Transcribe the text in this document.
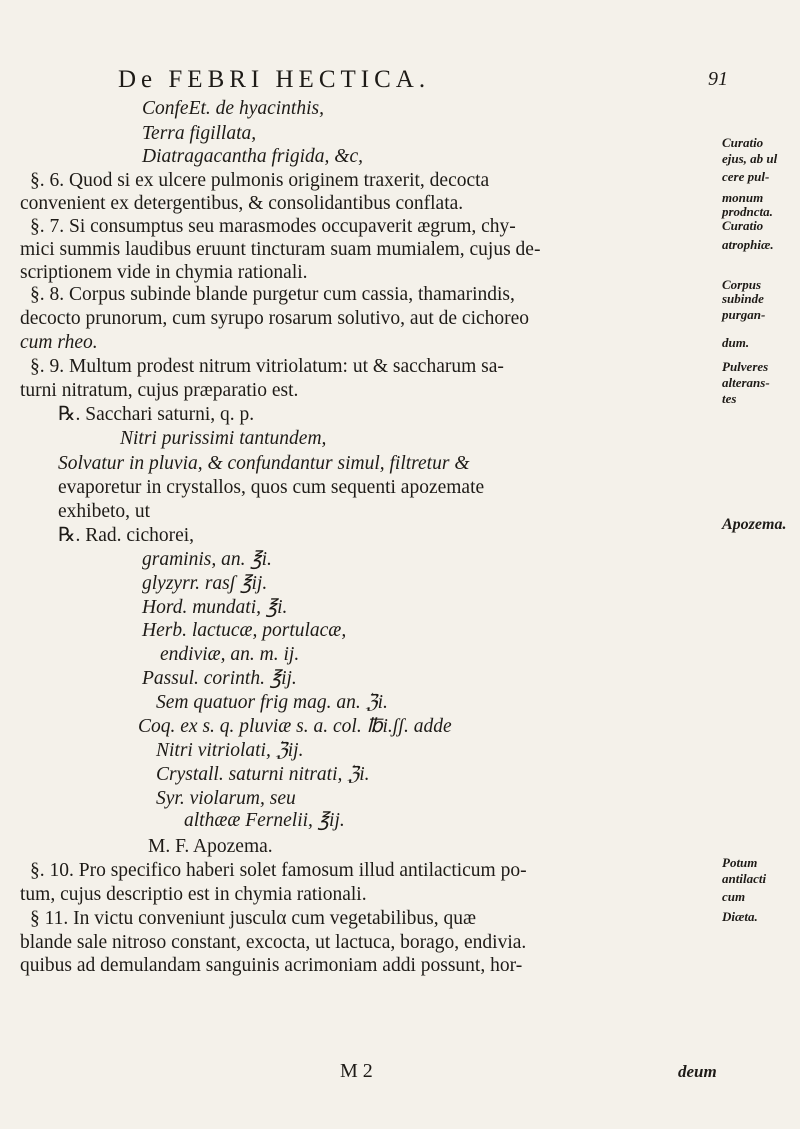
De FEBRI HECTICA.	91
ConfeEt. de hyacinthis,
Terra figillata,
Diatragacantha frigida, &c,
§. 6. Quod si ex ulcere pulmonis originem traxerit, decocta
convenient ex detergentibus, & consolidantibus conflata.
§. 7. Si consumptus seu marasmodes occupaverit ægrum, chy-
mici summis laudibus eruunt tincturam suam mumialem, cujus de-
scriptionem vide in chymia rationali.
§. 8. Corpus subinde blande purgetur cum cassia, thamarindis,
decocto prunorum, cum syrupo rosarum solutivo, aut de cichoreo
cum rheo.
§. 9. Multum prodest nitrum vitriolatum: ut & saccharum sa-
turni nitratum, cujus præparatio est.
℞. Sacchari saturni, q. p.
Nitri purissimi tantundem,
Solvatur in pluvia, & confundantur simul, filtretur &
evaporetur in crystallos, quos cum sequenti apozemate
exhibeto, ut
℞. Rad. cichorei,
graminis, an. ℥i.
glyzyrr. rasʃ ℥ij.
Hord. mundati, ℥i.
Herb. lactucæ, portulacæ,
endiviæ, an. m. ij.
Passul. corinth. ℥ij.
Sem quatuor frig mag. an. ℨi.
Coq. ex s. q. pluviæ s. a. col. ℔i.ʃʃ. adde
Nitri vitriolati, ℨij.
Crystall. saturni nitrati, ℨi.
Syr. violarum, seu
althææ Fernelii, ℥ij.
M. F. Apozema.
§. 10. Pro specifico haberi solet famosum illud antilacticum po-
tum, cujus descriptio est in chymia rationali.
§ 11. In victu conveniunt jusculα cum vegetabilibus, quæ
blande sale nitroso constant, excocta, ut lactuca, borago, endivia.
quibus ad demulandam sanguinis acrimoniam addi possunt, hor-
Curatio
ejus, ab ul
cere pul-
monum
prodncta.
Curatio
atrophiæ.
Corpus
subinde
purgan-
dum.
Pulveres
alterans-
tes
Apozema.
Potum
antilacti
cum
Diæta.
M 2	deum
